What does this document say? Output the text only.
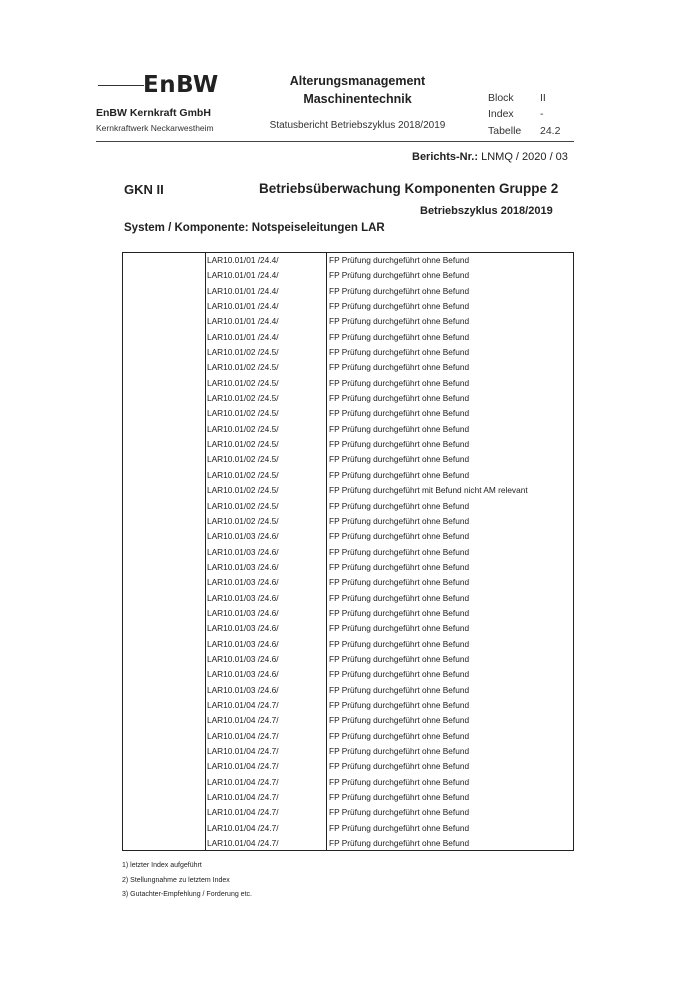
EnBW
EnBW Kernkraft GmbH
Kernkraftwerk Neckarwestheim
Alterungsmanagement
Maschinentechnik
Statusbericht Betriebszyklus 2018/2019
Block	II
Index	-
Tabelle 24.2
Berichts-Nr.: LNMQ / 2020 / 03
GKN II	Betriebsüberwachung Komponenten Gruppe 2
Betriebszyklus 2018/2019
System / Komponente: Notspeiseleitungen LAR
LAR10.01/01 /24.4/	FP Prüfung durchgeführt ohne Befund
LAR10.01/01 /24.4/	FP Prüfung durchgeführt ohne Befund
LAR10.01/01 /24.4/	FP Prüfung durchgeführt ohne Befund
LAR10.01/01 /24.4/	FP Prüfung durchgeführt ohne Befund
LAR10.01/01 /24.4/	FP Prüfung durchgeführt ohne Befund
LAR10.01/01 /24.4/	FP Prüfung durchgeführt ohne Befund
LAR10.01/02 /24.5/	FP Prüfung durchgeführt ohne Befund
LAR10.01/02 /24.5/	FP Prüfung durchgeführt ohne Befund
LAR10.01/02 /24.5/	FP Prüfung durchgeführt ohne Befund
LAR10.01/02 /24.5/	FP Prüfung durchgeführt ohne Befund
LAR10.01/02 /24.5/	FP Prüfung durchgeführt ohne Befund
LAR10.01/02 /24.5/	FP Prüfung durchgeführt ohne Befund
LAR10.01/02 /24.5/	FP Prüfung durchgeführt ohne Befund
LAR10.01/02 /24.5/	FP Prüfung durchgeführt ohne Befund
LAR10.01/02 /24.5/	FP Prüfung durchgeführt ohne Befund
LAR10.01/02 /24.5/	FP Prüfung durchgeführt mit Befund nicht AM relevant
LAR10.01/02 /24.5/	FP Prüfung durchgeführt ohne Befund
LAR10.01/02 /24.5/	FP Prüfung durchgeführt ohne Befund
LAR10.01/03 /24.6/	FP Prüfung durchgeführt ohne Befund
LAR10.01/03 /24.6/	FP Prüfung durchgeführt ohne Befund
LAR10.01/03 /24.6/	FP Prüfung durchgeführt ohne Befund
LAR10.01/03 /24.6/	FP Prüfung durchgeführt ohne Befund
LAR10.01/03 /24.6/	FP Prüfung durchgeführt ohne Befund
LAR10.01/03 /24.6/	FP Prüfung durchgeführt ohne Befund
LAR10.01/03 /24.6/	FP Prüfung durchgeführt ohne Befund
LAR10.01/03 /24.6/	FP Prüfung durchgeführt ohne Befund
LAR10.01/03 /24.6/	FP Prüfung durchgeführt ohne Befund
LAR10.01/03 /24.6/	FP Prüfung durchgeführt ohne Befund
LAR10.01/03 /24.6/	FP Prüfung durchgeführt ohne Befund
LAR10.01/04 /24.7/	FP Prüfung durchgeführt ohne Befund
LAR10.01/04 /24.7/	FP Prüfung durchgeführt ohne Befund
LAR10.01/04 /24.7/	FP Prüfung durchgeführt ohne Befund
LAR10.01/04 /24.7/	FP Prüfung durchgeführt ohne Befund
LAR10.01/04 /24.7/	FP Prüfung durchgeführt ohne Befund
LAR10.01/04 /24.7/	FP Prüfung durchgeführt ohne Befund
LAR10.01/04 /24.7/	FP Prüfung durchgeführt ohne Befund
LAR10.01/04 /24.7/	FP Prüfung durchgeführt ohne Befund
LAR10.01/04 /24.7/	FP Prüfung durchgeführt ohne Befund
LAR10.01/04 /24.7/	FP Prüfung durchgeführt ohne Befund
1) letzter Index aufgeführt
2) Stellungnahme zu letztem Index
3) Gutachter-Empfehlung / Forderung etc.
